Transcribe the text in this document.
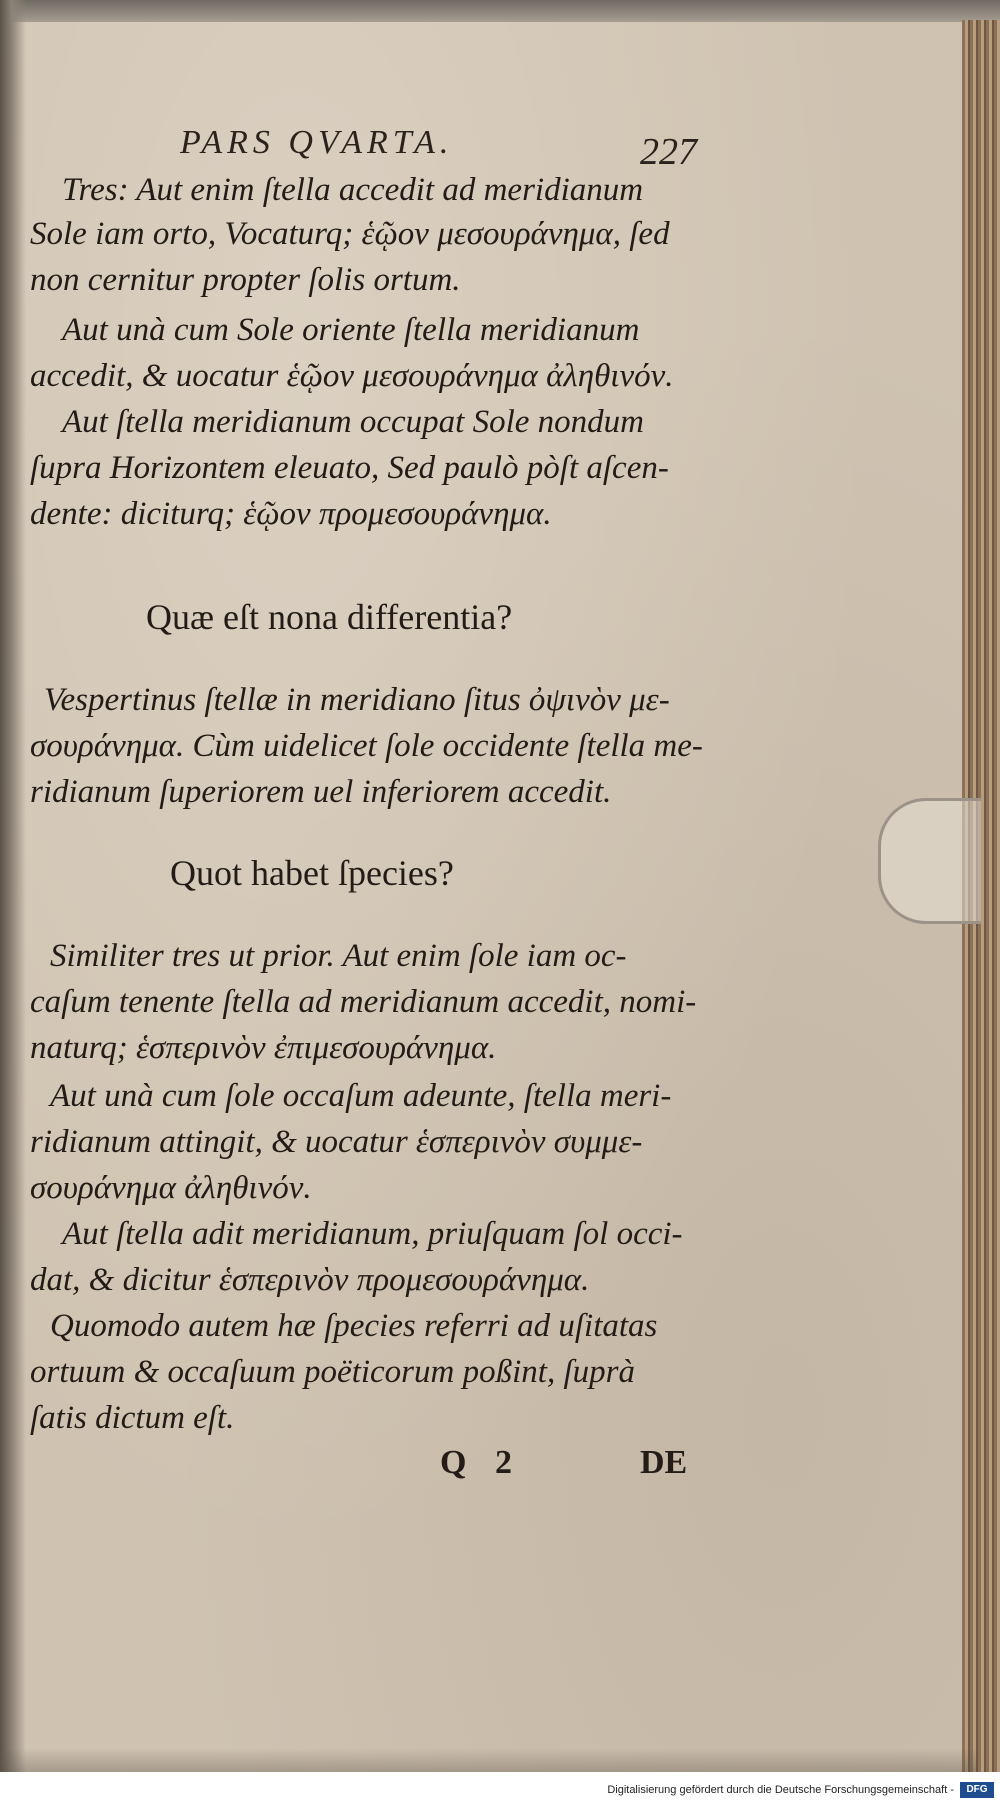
PARS QVARTA.	227
Tres: Aut enim ſtella accedit ad meridianum
Sole iam orto, Vocaturq; ἑῷον μεσουράνημα, ſed
non cernitur propter ſolis ortum.
Aut unà cum Sole oriente ſtella meridianum
accedit, & uocatur ἑῷον μεσουράνημα ἀληθινόν.
Aut ſtella meridianum occupat Sole nondum
ſupra Horizontem eleuato, Sed paulò pòſt aſcen-
dente: diciturq; ἑῷον προμεσουράνημα.
Quæ eſt nona differentia?
Vespertinus ſtellæ in meridiano ſitus ὀψινὸν με-
σουράνημα. Cùm uidelicet ſole occidente ſtella me-
ridianum ſuperiorem uel inferiorem accedit.
Quot habet ſpecies?
Similiter tres ut prior. Aut enim ſole iam oc-
caſum tenente ſtella ad meridianum accedit, nomi-
naturq; ἑσπερινὸν ἐπιμεσουράνημα.
Aut unà cum ſole occaſum adeunte, ſtella meri-
ridianum attingit, & uocatur ἑσπερινὸν συμμε-
σουράνημα ἀληθινόν.
Aut ſtella adit meridianum, priuſquam ſol occi-
dat, & dicitur ἑσπερινὸν προμεσουράνημα.
Quomodo autem hæ ſpecies referri ad uſitatas
ortuum & occaſuum poëticorum poßint, ſuprà
ſatis dictum eſt.
Q 2	DE
Digitalisierung gefördert durch die Deutsche Forschungsgemeinschaft -	DFG
